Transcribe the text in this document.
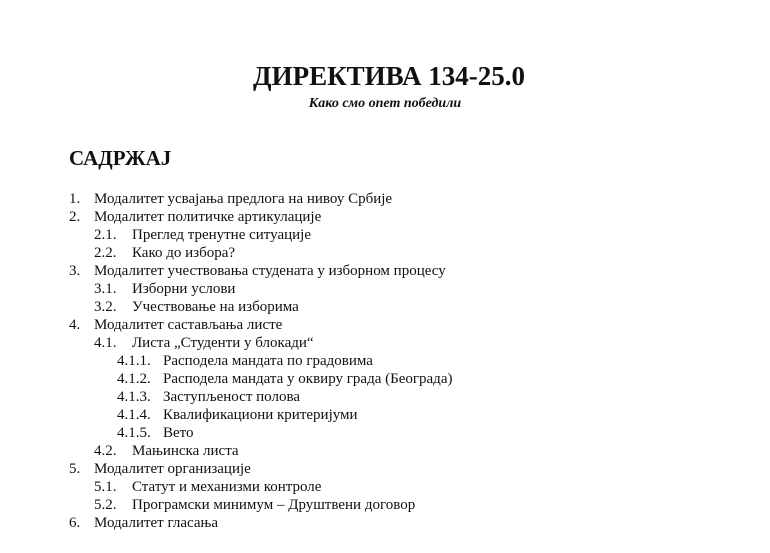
ДИРЕКТИВА 134-25.0
Како смо опет победили
САДРЖАЈ
1. Модалитет усвајања предлога на нивоу Србије
2. Модалитет политичке артикулације
2.1. Преглед тренутне ситуације
2.2. Како до избора?
3. Модалитет учествовања студената у изборном процесу
3.1. Изборни услови
3.2. Учествовање на изборима
4. Модалитет састављања листе
4.1. Листа „Студенти у блокади“
4.1.1. Расподела мандата по градовима
4.1.2. Расподела мандата у оквиру града (Београда)
4.1.3. Заступљеност полова
4.1.4. Квалификациони критеријуми
4.1.5. Вето
4.2. Мањинска листа
5. Модалитет организације
5.1. Статут и механизми контроле
5.2. Програмски минимум – Друштвени договор
6. Модалитет гласања
